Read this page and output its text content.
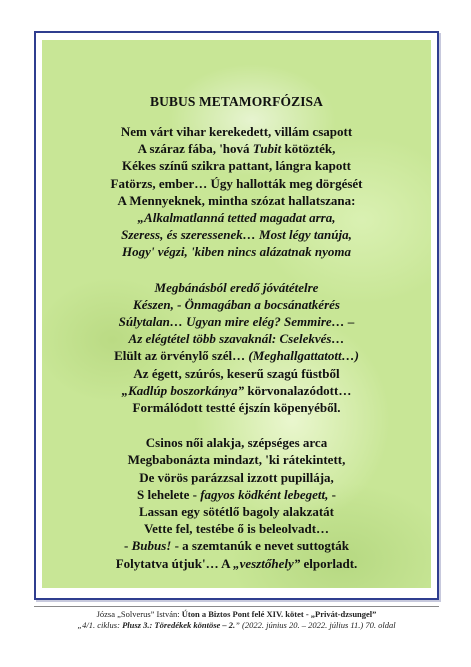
BUBUS METAMORFÓZISA
Nem várt vihar kerekedett, villám csapott
A száraz fába, 'hová Tubit kötözték,
Kékes színű szikra pattant, lángra kapott
Fatörzs, ember… Úgy hallották meg dörgését
A Mennyeknek, mintha szózat hallatszana:
„Alkalmatlanná tetted magadat arra,
Szeress, és szeressenek… Most légy tanúja,
Hogy' végzi, 'kiben nincs alázatnak nyoma
Megbánásból eredő jóvátételre
Készen, - Önmagában a bocsánatkérés
Súlytalan… Ugyan mire elég? Semmire… –
Az elégtétel több szavaknál: Cselekvés…
Elült az örvénylő szél… (Meghallgattatott…)
Az égett, szúrós, keserű szagú füstből
„Kadlúp boszorkánya” körvonalazódott…
Formálódott testté éjszín köpenyéből.
Csinos női alakja, szépséges arca
Megbabonázta mindazt, 'ki rátekintett,
De vörös parázzsal izzott pupillája,
S lehelete - fagyos ködként lebegett, -
Lassan egy sötétlő bagoly alakzatát
Vette fel, testébe ő is beleolvadt…
- Bubus! - a szemtanúk e nevet suttogták
Folytatva útjuk'… A „vesztőhely” elporladt.
Józsa „Solverus” István: Úton a Biztos Pont felé XIV. kötet - „Privát-dzsungel”
„4/1. ciklus: Plusz 3.: Töredékek köntöse – 2.” (2022. június 20. – 2022. július 11.) 70. oldal
